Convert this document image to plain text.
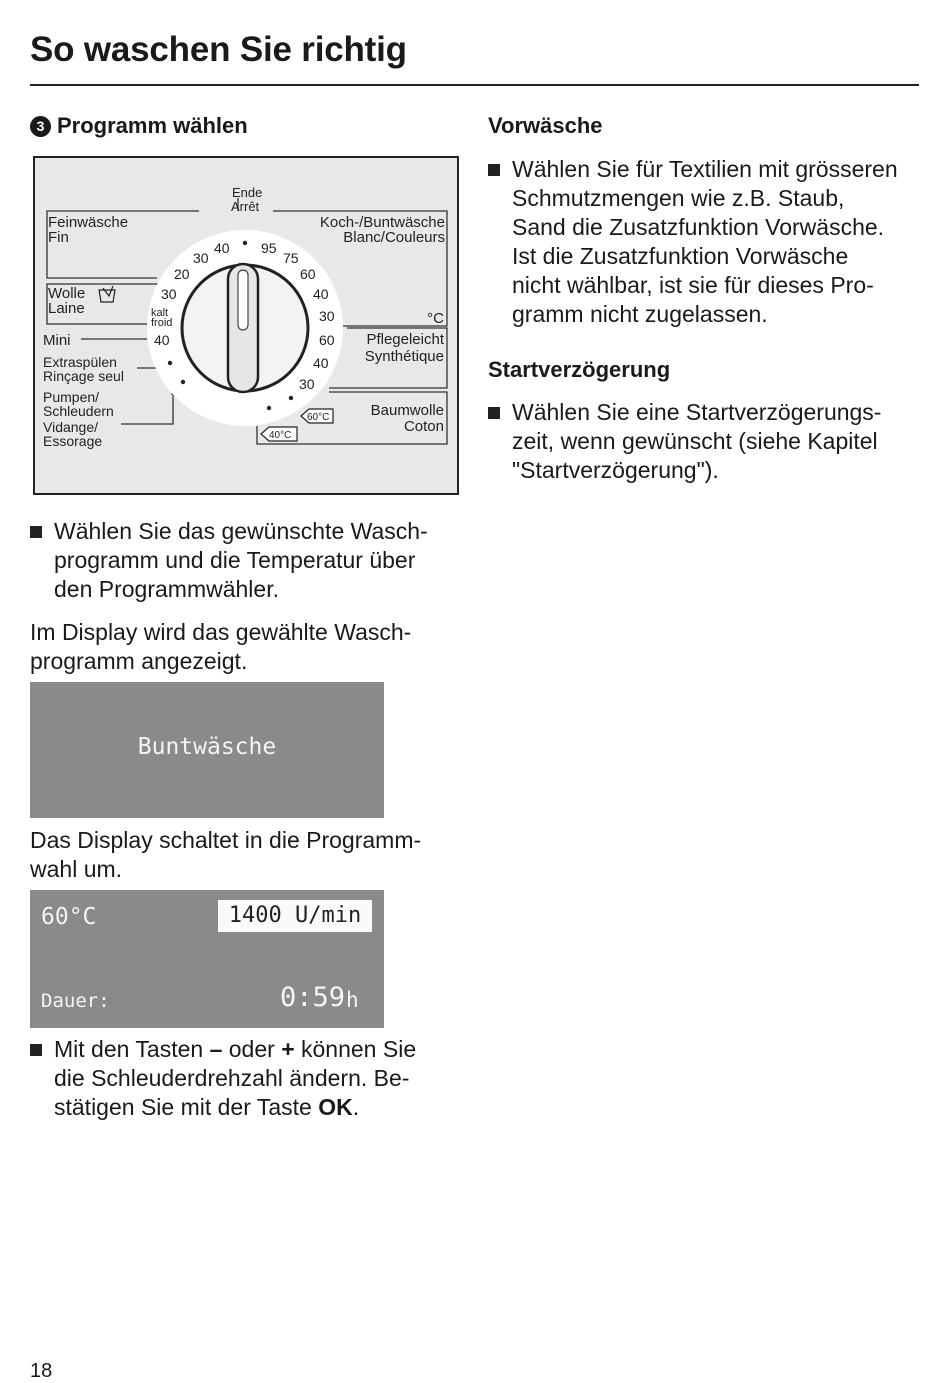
So waschen Sie richtig
3 Programm wählen
Ende
Arrêt
Feinwäsche
Fin
Koch-/Buntwäsche
Blanc/Couleurs
Wolle
Laine
Mini
Extraspülen
Rinçage seul
Pumpen/
Schleudern
Vidange/
Essorage
°C
Pflegeleicht
Synthétique
Baumwolle
Coton
30
40 95
75
20
30
kalt
froid
40
60
40
30
60
40
30
60°C
40°C
Wählen Sie das gewünschte Wasch-
programm und die Temperatur über
den Programmwähler.
Im Display wird das gewählte Wasch-
programm angezeigt.
Buntwäsche
Das Display schaltet in die Programm-
wahl um.
60°C	1400 U/min
Dauer:	0:59 h
Mit den Tasten – oder + können Sie
die Schleuderdrehzahl ändern. Be-
stätigen Sie mit der Taste OK.
Vorwäsche
Wählen Sie für Textilien mit grösseren
Schmutzmengen wie z.B. Staub,
Sand die Zusatzfunktion Vorwäsche.
Ist die Zusatzfunktion Vorwäsche
nicht wählbar, ist sie für dieses Pro-
gramm nicht zugelassen.
Startverzögerung
Wählen Sie eine Startverzögerungs-
zeit, wenn gewünscht (siehe Kapitel
"Startverzögerung").
18
